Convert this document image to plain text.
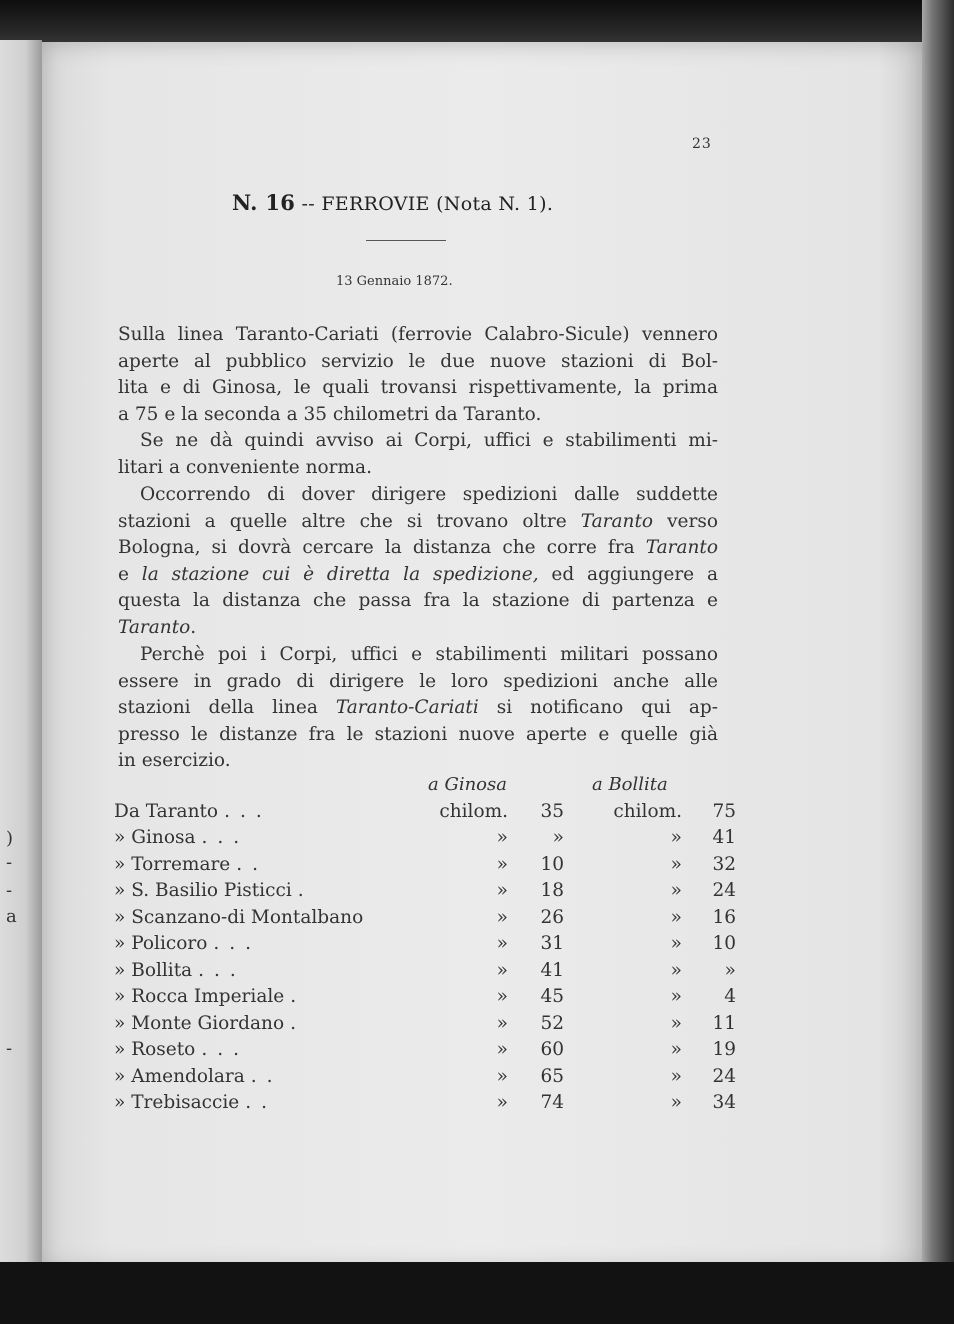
)
-
-
a
-
23
N. 16 -- FERROVIE (Nota N. 1).
13 Gennaio 1872.
Sulla linea Taranto-Cariati (ferrovie Calabro-Sicule) vennero
aperte al pubblico servizio le due nuove stazioni di Bol-
lita e di Ginosa, le quali trovansi rispettivamente, la prima
a 75 e la seconda a 35 chilometri da Taranto.
Se ne dà quindi avviso ai Corpi, uffici e stabilimenti mi-
litari a conveniente norma.
Occorrendo di dover dirigere spedizioni dalle suddette
stazioni a quelle altre che si trovano oltre Taranto verso
Bologna, si dovrà cercare la distanza che corre fra Taranto
e la stazione cui è diretta la spedizione, ed aggiungere a
questa la distanza che passa fra la stazione di partenza e
Taranto.
Perchè poi i Corpi, uffici e stabilimenti militari possano
essere in grado di dirigere le loro spedizioni anche alle
stazioni della linea Taranto-Cariati si notificano qui ap-
presso le distanze fra le stazioni nuove aperte e quelle già
in esercizio.
a Ginosa	a Bollita
Da Taranto ...	chilom.	35	chilom.	75
» Ginosa ...	»	»	»	41
» Torremare ..	»	10	»	32
» S. Basilio Pisticci .	»	18	»	24
» Scanzano-di Montalbano	»	26	»	16
» Policoro ...	»	31	»	10
» Bollita ...	»	41	»	»
» Rocca Imperiale .	»	45	»	4
» Monte Giordano .	»	52	»	11
» Roseto ...	»	60	»	19
» Amendolara ..	»	65	»	24
» Trebisaccie ..	»	74	»	34
